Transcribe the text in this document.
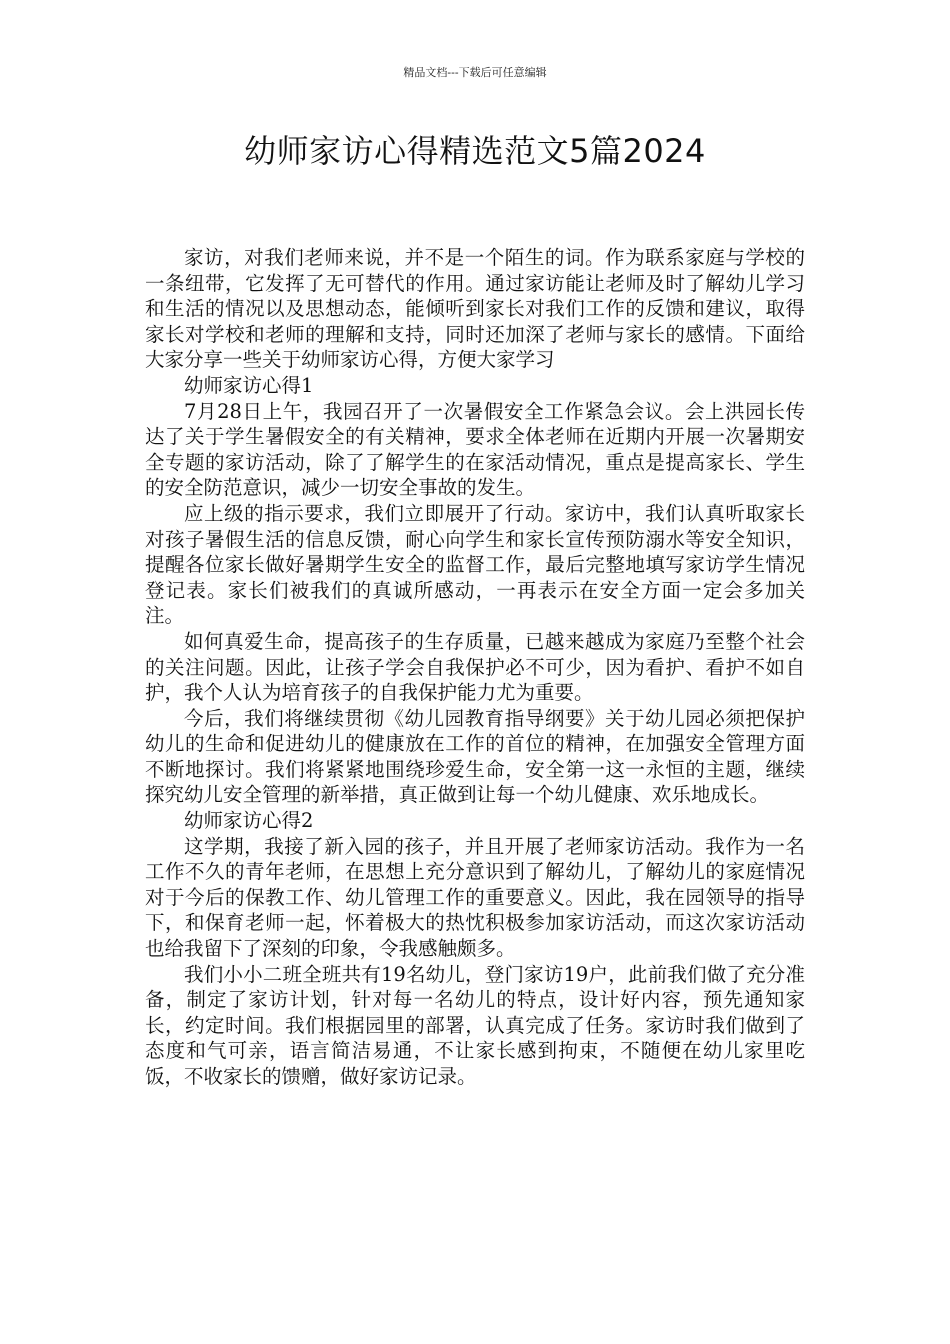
精品文档---下载后可任意编辑
幼师家访心得精选范文5篇2024

家访，对我们老师来说，并不是一个陌生的词。作为联系家庭与学校的一条纽带，它发挥了无可替代的作用。通过家访能让老师及时了解幼儿学习和生活的情况以及思想动态，能倾听到家长对我们工作的反馈和建议，取得家长对学校和老师的理解和支持，同时还加深了老师与家长的感情。下面给大家分享一些关于幼师家访心得，方便大家学习

幼师家访心得1

7月28日上午，我园召开了一次暑假安全工作紧急会议。会上洪园长传达了关于学生暑假安全的有关精神，要求全体老师在近期内开展一次暑期安全专题的家访活动，除了了解学生的在家活动情况，重点是提高家长、学生的安全防范意识，减少一切安全事故的发生。

应上级的指示要求，我们立即展开了行动。家访中，我们认真听取家长对孩子暑假生活的信息反馈，耐心向学生和家长宣传预防溺水等安全知识，提醒各位家长做好暑期学生安全的监督工作，最后完整地填写家访学生情况登记表。家长们被我们的真诚所感动，一再表示在安全方面一定会多加关注。

如何真爱生命，提高孩子的生存质量，已越来越成为家庭乃至整个社会的关注问题。因此，让孩子学会自我保护必不可少，因为看护、看护不如自护，我个人认为培育孩子的自我保护能力尤为重要。

今后，我们将继续贯彻《幼儿园教育指导纲要》关于幼儿园必须把保护幼儿的生命和促进幼儿的健康放在工作的首位的精神，在加强安全管理方面不断地探讨。我们将紧紧地围绕珍爱生命，安全第一这一永恒的主题，继续探究幼儿安全管理的新举措，真正做到让每一个幼儿健康、欢乐地成长。

幼师家访心得2

这学期，我接了新入园的孩子，并且开展了老师家访活动。我作为一名工作不久的青年老师，在思想上充分意识到了解幼儿，了解幼儿的家庭情况对于今后的保教工作、幼儿管理工作的重要意义。因此，我在园领导的指导下，和保育老师一起，怀着极大的热忱积极参加家访活动，而这次家访活动也给我留下了深刻的印象，令我感触颇多。

我们小小二班全班共有19名幼儿，登门家访19户，此前我们做了充分准备，制定了家访计划，针对每一名幼儿的特点，设计好内容，预先通知家长，约定时间。我们根据园里的部署，认真完成了任务。家访时我们做到了态度和气可亲，语言简洁易通，不让家长感到拘束，不随便在幼儿家里吃饭，不收家长的馈赠，做好家访记录。
